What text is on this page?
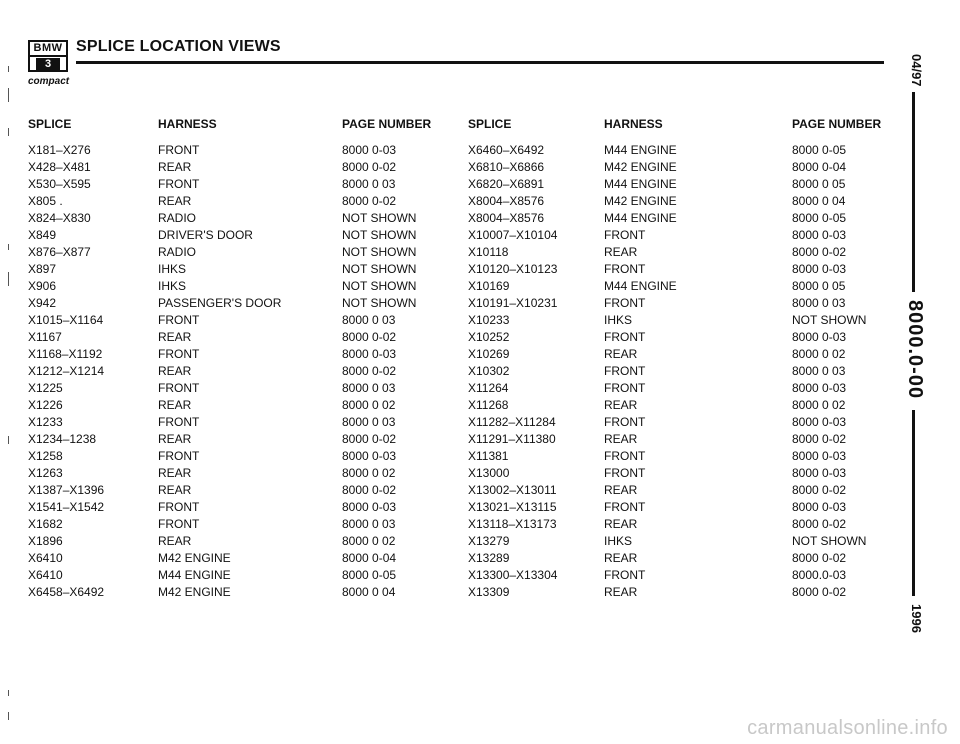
BMW
3
compact
SPLICE LOCATION VIEWS
SPLICE	HARNESS	PAGE NUMBER	SPLICE	HARNESS	PAGE NUMBER
X181–X276	FRONT	8000 0-03	X6460–X6492	M44 ENGINE	8000 0-05
X428–X481	REAR	8000 0-02	X6810–X6866	M42 ENGINE	8000 0-04
X530–X595	FRONT	8000 0 03	X6820–X6891	M44 ENGINE	8000 0 05
X805 .	REAR	8000 0-02	X8004–X8576	M42 ENGINE	8000 0 04
X824–X830	RADIO	NOT SHOWN	X8004–X8576	M44 ENGINE	8000 0-05
X849	DRIVER'S DOOR	NOT SHOWN	X10007–X10104	FRONT	8000 0-03
X876–X877	RADIO	NOT SHOWN	X10118	REAR	8000 0-02
X897	IHKS	NOT SHOWN	X10120–X10123	FRONT	8000 0-03
X906	IHKS	NOT SHOWN	X10169	M44 ENGINE	8000 0 05
X942	PASSENGER'S DOOR	NOT SHOWN	X10191–X10231	FRONT	8000 0 03
X1015–X1164	FRONT	8000 0 03	X10233	IHKS	NOT SHOWN
X1167	REAR	8000 0-02	X10252	FRONT	8000 0-03
X1168–X1192	FRONT	8000 0-03	X10269	REAR	8000 0 02
X1212–X1214	REAR	8000 0-02	X10302	FRONT	8000 0 03
X1225	FRONT	8000 0 03	X11264	FRONT	8000 0-03
X1226	REAR	8000 0 02	X11268	REAR	8000 0 02
X1233	FRONT	8000 0 03	X11282–X11284	FRONT	8000 0-03
X1234–1238	REAR	8000 0-02	X11291–X11380	REAR	8000 0-02
X1258	FRONT	8000 0-03	X11381	FRONT	8000 0-03
X1263	REAR	8000 0 02	X13000	FRONT	8000 0-03
X1387–X1396	REAR	8000 0-02	X13002–X13011	REAR	8000 0-02
X1541–X1542	FRONT	8000 0-03	X13021–X13115	FRONT	8000 0-03
X1682	FRONT	8000 0 03	X13118–X13173	REAR	8000 0-02
X1896	REAR	8000 0 02	X13279	IHKS	NOT SHOWN
X6410	M42 ENGINE	8000 0-04	X13289	REAR	8000 0-02
X6410	M44 ENGINE	8000 0-05	X13300–X13304	FRONT	8000.0-03
X6458–X6492	M42 ENGINE	8000 0 04	X13309	REAR	8000 0-02
04/97
8000.0-00
1996
carmanualsonline.info
